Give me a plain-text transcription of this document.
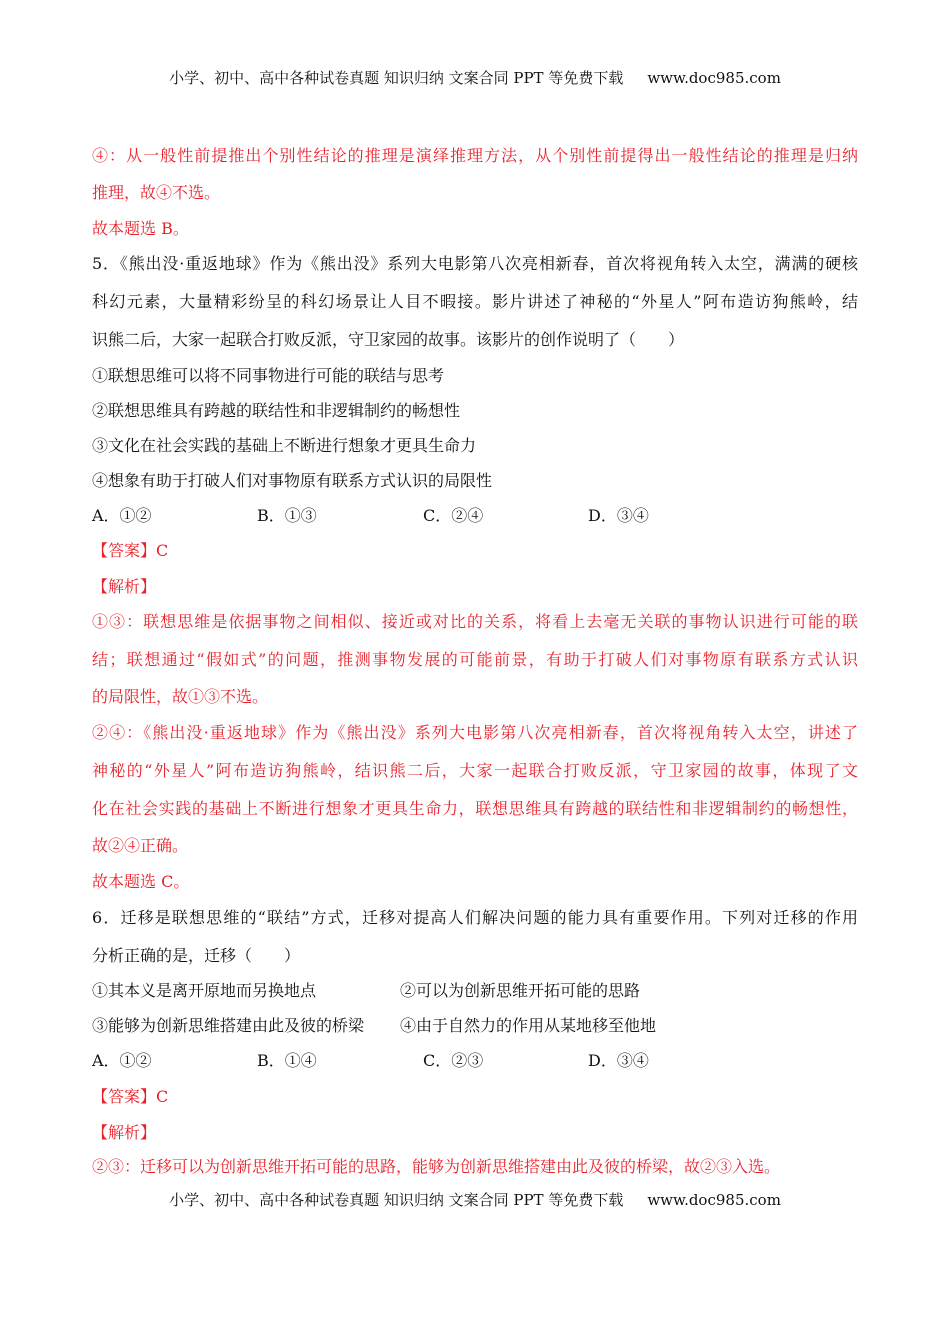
小学、初中、高中各种试卷真题 知识归纳 文案合同 PPT 等免费下载 www.doc985.com
④：从一般性前提推出个别性结论的推理是演绎推理方法，从个别性前提得出一般性结论的推理是归纳
推理，故④不选。
故本题选 B。
5．《熊出没·重返地球》作为《熊出没》系列大电影第八次亮相新春，首次将视角转入太空，满满的硬核
科幻元素，大量精彩纷呈的科幻场景让人目不暇接。影片讲述了神秘的“外星人”阿布造访狗熊岭，结
识熊二后，大家一起联合打败反派，守卫家园的故事。该影片的创作说明了（　　）
①联想思维可以将不同事物进行可能的联结与思考
②联想思维具有跨越的联结性和非逻辑制约的畅想性
③文化在社会实践的基础上不断进行想象才更具生命力
④想象有助于打破人们对事物原有联系方式认识的局限性
A．①②	B．①③	C．②④	D．③④
【答案】C
【解析】
①③：联想思维是依据事物之间相似、接近或对比的关系，将看上去毫无关联的事物认识进行可能的联
结；联想通过“假如式”的问题，推测事物发展的可能前景，有助于打破人们对事物原有联系方式认识
的局限性，故①③不选。
②④：《熊出没·重返地球》作为《熊出没》系列大电影第八次亮相新春，首次将视角转入太空，讲述了
神秘的“外星人”阿布造访狗熊岭，结识熊二后，大家一起联合打败反派，守卫家园的故事，体现了文
化在社会实践的基础上不断进行想象才更具生命力，联想思维具有跨越的联结性和非逻辑制约的畅想性，
故②④正确。
故本题选 C。
6．迁移是联想思维的“联结”方式，迁移对提高人们解决问题的能力具有重要作用。下列对迁移的作用
分析正确的是，迁移（　　）
①其本义是离开原地而另换地点	②可以为创新思维开拓可能的思路
③能够为创新思维搭建由此及彼的桥梁 ④由于自然力的作用从某地移至他地
A．①②	B．①④	C．②③	D．③④
【答案】C
【解析】
②③：迁移可以为创新思维开拓可能的思路，能够为创新思维搭建由此及彼的桥梁，故②③入选。
小学、初中、高中各种试卷真题 知识归纳 文案合同 PPT 等免费下载 www.doc985.com
